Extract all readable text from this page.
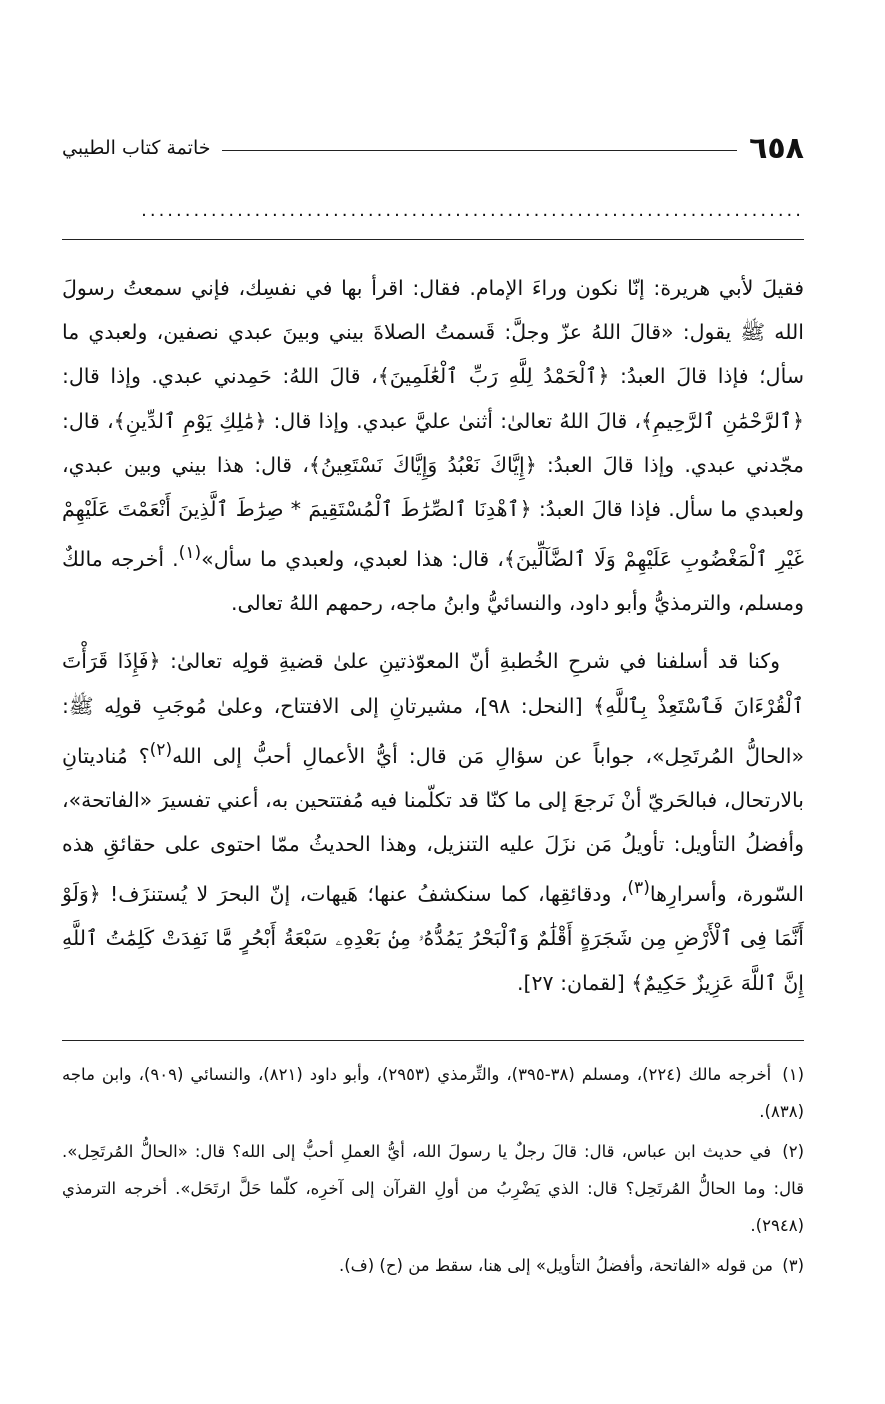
٦٥٨
خاتمة كتاب الطيبي
............................................................................

فقيلَ لأبي هريرة: إنّا نكون وراءَ الإمام. فقال: اقرأ بها في نفسِك، فإني سمعتُ رسولَ الله ﷺ يقول: «قالَ اللهُ عزّ وجلَّ: قَسمتُ الصلاةَ بيني وبينَ عبدي نصفين، ولعبدي ما سأل؛ فإذا قالَ العبدُ: ﴿ٱلْحَمْدُ لِلَّهِ رَبِّ ٱلْعَٰلَمِينَ﴾، قالَ اللهُ: حَمِدني عبدي. وإذا قال: ﴿ٱلرَّحْمَٰنِ ٱلرَّحِيمِ﴾، قالَ اللهُ تعالىٰ: أثنىٰ عليَّ عبدي. وإذا قال: ﴿مَٰلِكِ يَوْمِ ٱلدِّينِ﴾، قال: مجّدني عبدي. وإذا قالَ العبدُ: ﴿إِيَّاكَ نَعْبُدُ وَإِيَّاكَ نَسْتَعِينُ﴾، قال: هذا بيني وبين عبدي، ولعبدي ما سأل. فإذا قالَ العبدُ: ﴿ٱهْدِنَا ٱلصِّرَٰطَ ٱلْمُسْتَقِيمَ * صِرَٰطَ ٱلَّذِينَ أَنْعَمْتَ عَلَيْهِمْ غَيْرِ ٱلْمَغْضُوبِ عَلَيْهِمْ وَلَا ٱلضَّآلِّينَ﴾، قال: هذا لعبدي، ولعبدي ما سأل»$^{(١)}$. أخرجه مالكٌ ومسلم، والترمذيُّ وأبو داود، والنسائيُّ وابنُ ماجه، رحمهم اللهُ تعالى.

وكنا قد أسلفنا في شرحِ الخُطبةِ أنّ المعوّذتينِ علىٰ قضيةِ قولِه تعالىٰ: ﴿فَإِذَا قَرَأْتَ ٱلْقُرْءَانَ فَٱسْتَعِذْ بِٱللَّهِ﴾ [النحل: ٩٨]، مشيرتانِ إلى الافتتاح، وعلىٰ مُوجَبِ قولِه ﷺ: «الحالُّ المُرتَحِل»، جواباً عن سؤالِ مَن قال: أيُّ الأعمالِ أحبُّ إلى الله$^{(٢)}$؟ مُناديتانِ بالارتحال، فبالحَريّ أنْ نَرجعَ إلى ما كنّا قد تكلّمنا فيه مُفتتحين به، أعني تفسيرَ «الفاتحة»، وأفضلُ التأويل: تأويلُ مَن نزَلَ عليه التنزيل، وهذا الحديثُ ممّا احتوى على حقائقِ هذه السّورة، وأسرارِها$^{(٣)}$، ودقائقِها، كما سنكشفُ عنها؛ هَيهات، إنّ البحرَ لا يُستنزَف! ﴿وَلَوْ أَنَّمَا فِى ٱلْأَرْضِ مِن شَجَرَةٍ أَقْلَٰمٌ وَٱلْبَحْرُ يَمُدُّهُۥ مِنۢ بَعْدِهِۦ سَبْعَةُ أَبْحُرٍ مَّا نَفِدَتْ كَلِمَٰتُ ٱللَّهِ إِنَّ ٱللَّهَ عَزِيزٌ حَكِيمٌ﴾ [لقمان: ٢٧].

(١) أخرجه مالك (٢٢٤)، ومسلم (٣٨-٣٩٥)، والتِّرمذي (٢٩٥٣)، وأبو داود (٨٢١)، والنسائي (٩٠٩)، وابن ماجه (٨٣٨).

(٢) في حديث ابن عباس، قال: قالَ رجلٌ يا رسولَ الله، أيُّ العملِ أحبُّ إلى الله؟ قال: «الحالُّ المُرتَحِل». قال: وما الحالُّ المُرتَحِل؟ قال: الذي يَضْرِبُ من أولِ القرآن إلى آخرِه، كلّما حَلَّ ارتَحَل». أخرجه الترمذي (٢٩٤٨).

(٣) من قوله «الفاتحة، وأفضلُ التأويل» إلى هنا، سقط من (ح) (ف).
